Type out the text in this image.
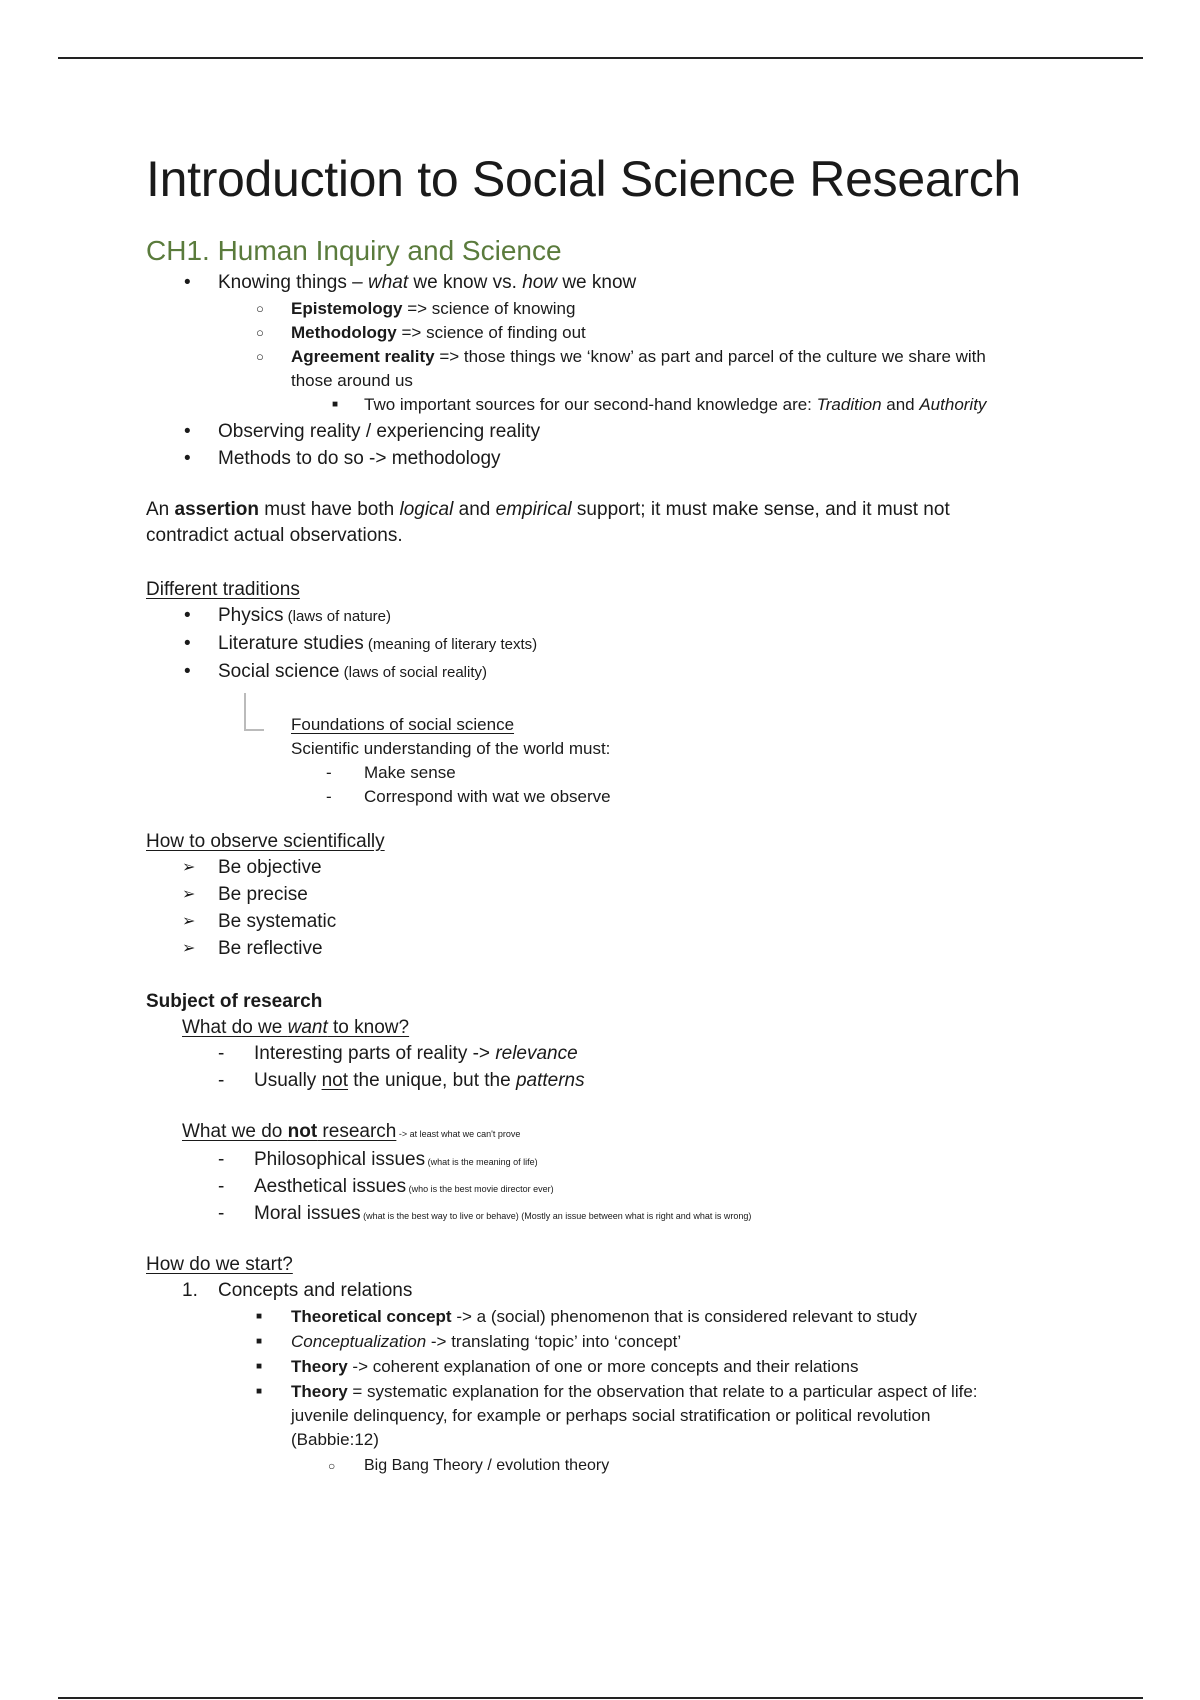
Introduction to Social Science Research
CH1. Human Inquiry and Science
• Knowing things – what we know vs. how we know
○ Epistemology => science of knowing
○ Methodology => science of finding out
○ Agreement reality => those things we ‘know’ as part and parcel of the culture we share with
those around us
■ Two important sources for our second-hand knowledge are: Tradition and Authority
• Observing reality / experiencing reality
• Methods to do so -> methodology
An assertion must have both logical and empirical support; it must make sense, and it must not
contradict actual observations.
Different traditions
• Physics (laws of nature)
• Literature studies (meaning of literary texts)
• Social science (laws of social reality)
Foundations of social science
Scientific understanding of the world must:
- Make sense
- Correspond with wat we observe
How to observe scientifically
➢ Be objective
➢ Be precise
➢ Be systematic
➢ Be reflective
Subject of research
What do we want to know?
- Interesting parts of reality -> relevance
- Usually not the unique, but the patterns
What we do not research -> at least what we can't prove
- Philosophical issues (what is the meaning of life)
- Aesthetical issues (who is the best movie director ever)
- Moral issues (what is the best way to live or behave) (Mostly an issue between what is right and what is wrong)
How do we start?
1. Concepts and relations
■ Theoretical concept -> a (social) phenomenon that is considered relevant to study
■ Conceptualization -> translating ‘topic’ into ‘concept’
■ Theory -> coherent explanation of one or more concepts and their relations
■ Theory = systematic explanation for the observation that relate to a particular aspect of life:
juvenile delinquency, for example or perhaps social stratification or political revolution
(Babbie:12)
○ Big Bang Theory / evolution theory
